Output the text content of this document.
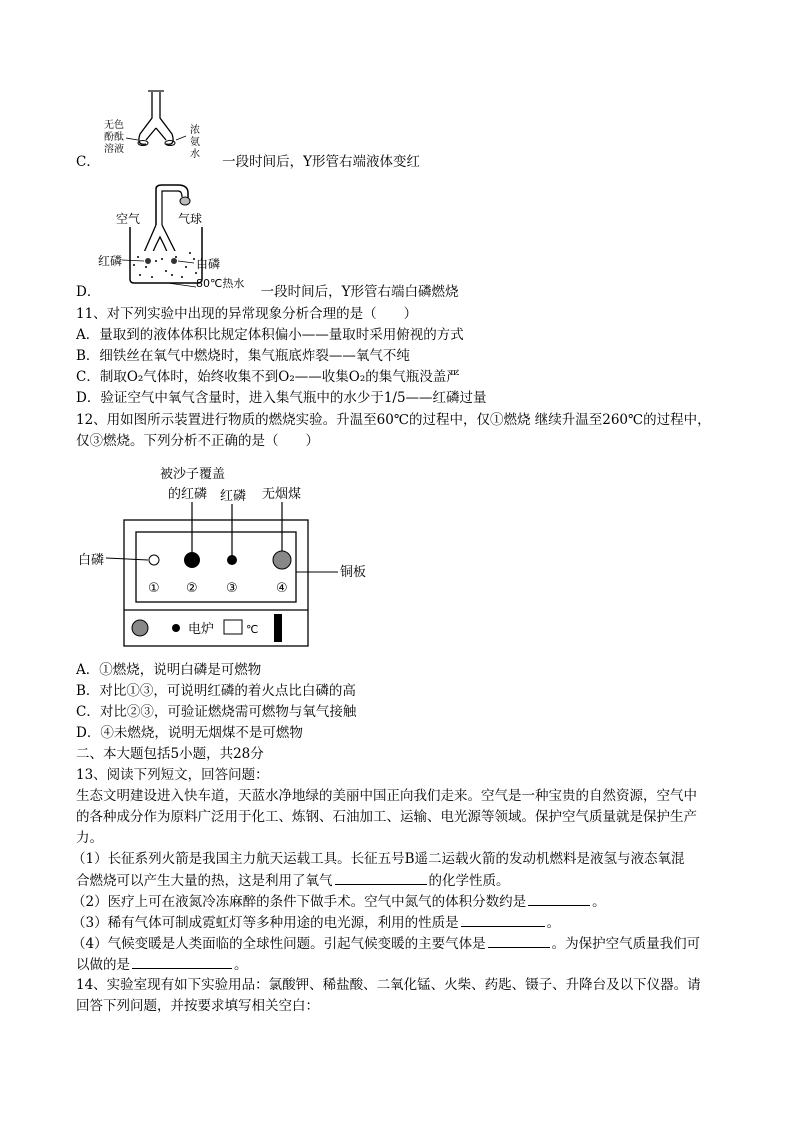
无色
酚酞
溶液
浓
氨
水
C．	一段时间后，Y形管右端液体变红
空气	气球
红磷	白磷
80℃热水
D．	一段时间后，Y形管右端白磷燃烧
11、对下列实验中出现的异常现象分析合理的是（　　）
A．量取到的液体体积比规定体积偏小——量取时采用俯视的方式
B．细铁丝在氧气中燃烧时，集气瓶底炸裂——氧气不纯
C．制取O₂气体时，始终收集不到O₂——收集O₂的集气瓶没盖严
D．验证空气中氧气含量时，进入集气瓶中的水少于1/5——红磷过量
12、用如图所示装置进行物质的燃烧实验。升温至60℃的过程中，仅①燃烧 继续升温至260℃的过程中，
仅③燃烧。下列分析不正确的是（　　）
被沙子覆盖
的红磷 红磷 无烟煤
白磷
铜板
① ② ③	④
电炉	℃
A．①燃烧，说明白磷是可燃物
B．对比①③，可说明红磷的着火点比白磷的高
C．对比②③，可验证燃烧需可燃物与氧气接触
D．④未燃烧，说明无烟煤不是可燃物
二、本大题包括5小题，共28分
13、阅读下列短文，回答问题：
生态文明建设进入快车道，天蓝水净地绿的美丽中国正向我们走来。空气是一种宝贵的自然资源，空气中
的各种成分作为原料广泛用于化工、炼钢、石油加工、运输、电光源等领域。保护空气质量就是保护生产
力。
（1）长征系列火箭是我国主力航天运载工具。长征五号B遥二运载火箭的发动机燃料是液氢与液态氧混
合燃烧可以产生大量的热，这是利用了氧气	的化学性质。
（2）医疗上可在液氮冷冻麻醉的条件下做手术。空气中氮气的体积分数约是	。
（3）稀有气体可制成霓虹灯等多种用途的电光源，利用的性质是	。
（4）气候变暖是人类面临的全球性问题。引起气候变暖的主要气体是	。为保护空气质量我们可
以做的是	。
14、实验室现有如下实验用品：氯酸钾、稀盐酸、二氧化锰、火柴、药匙、镊子、升降台及以下仪器。请
回答下列问题，并按要求填写相关空白：
